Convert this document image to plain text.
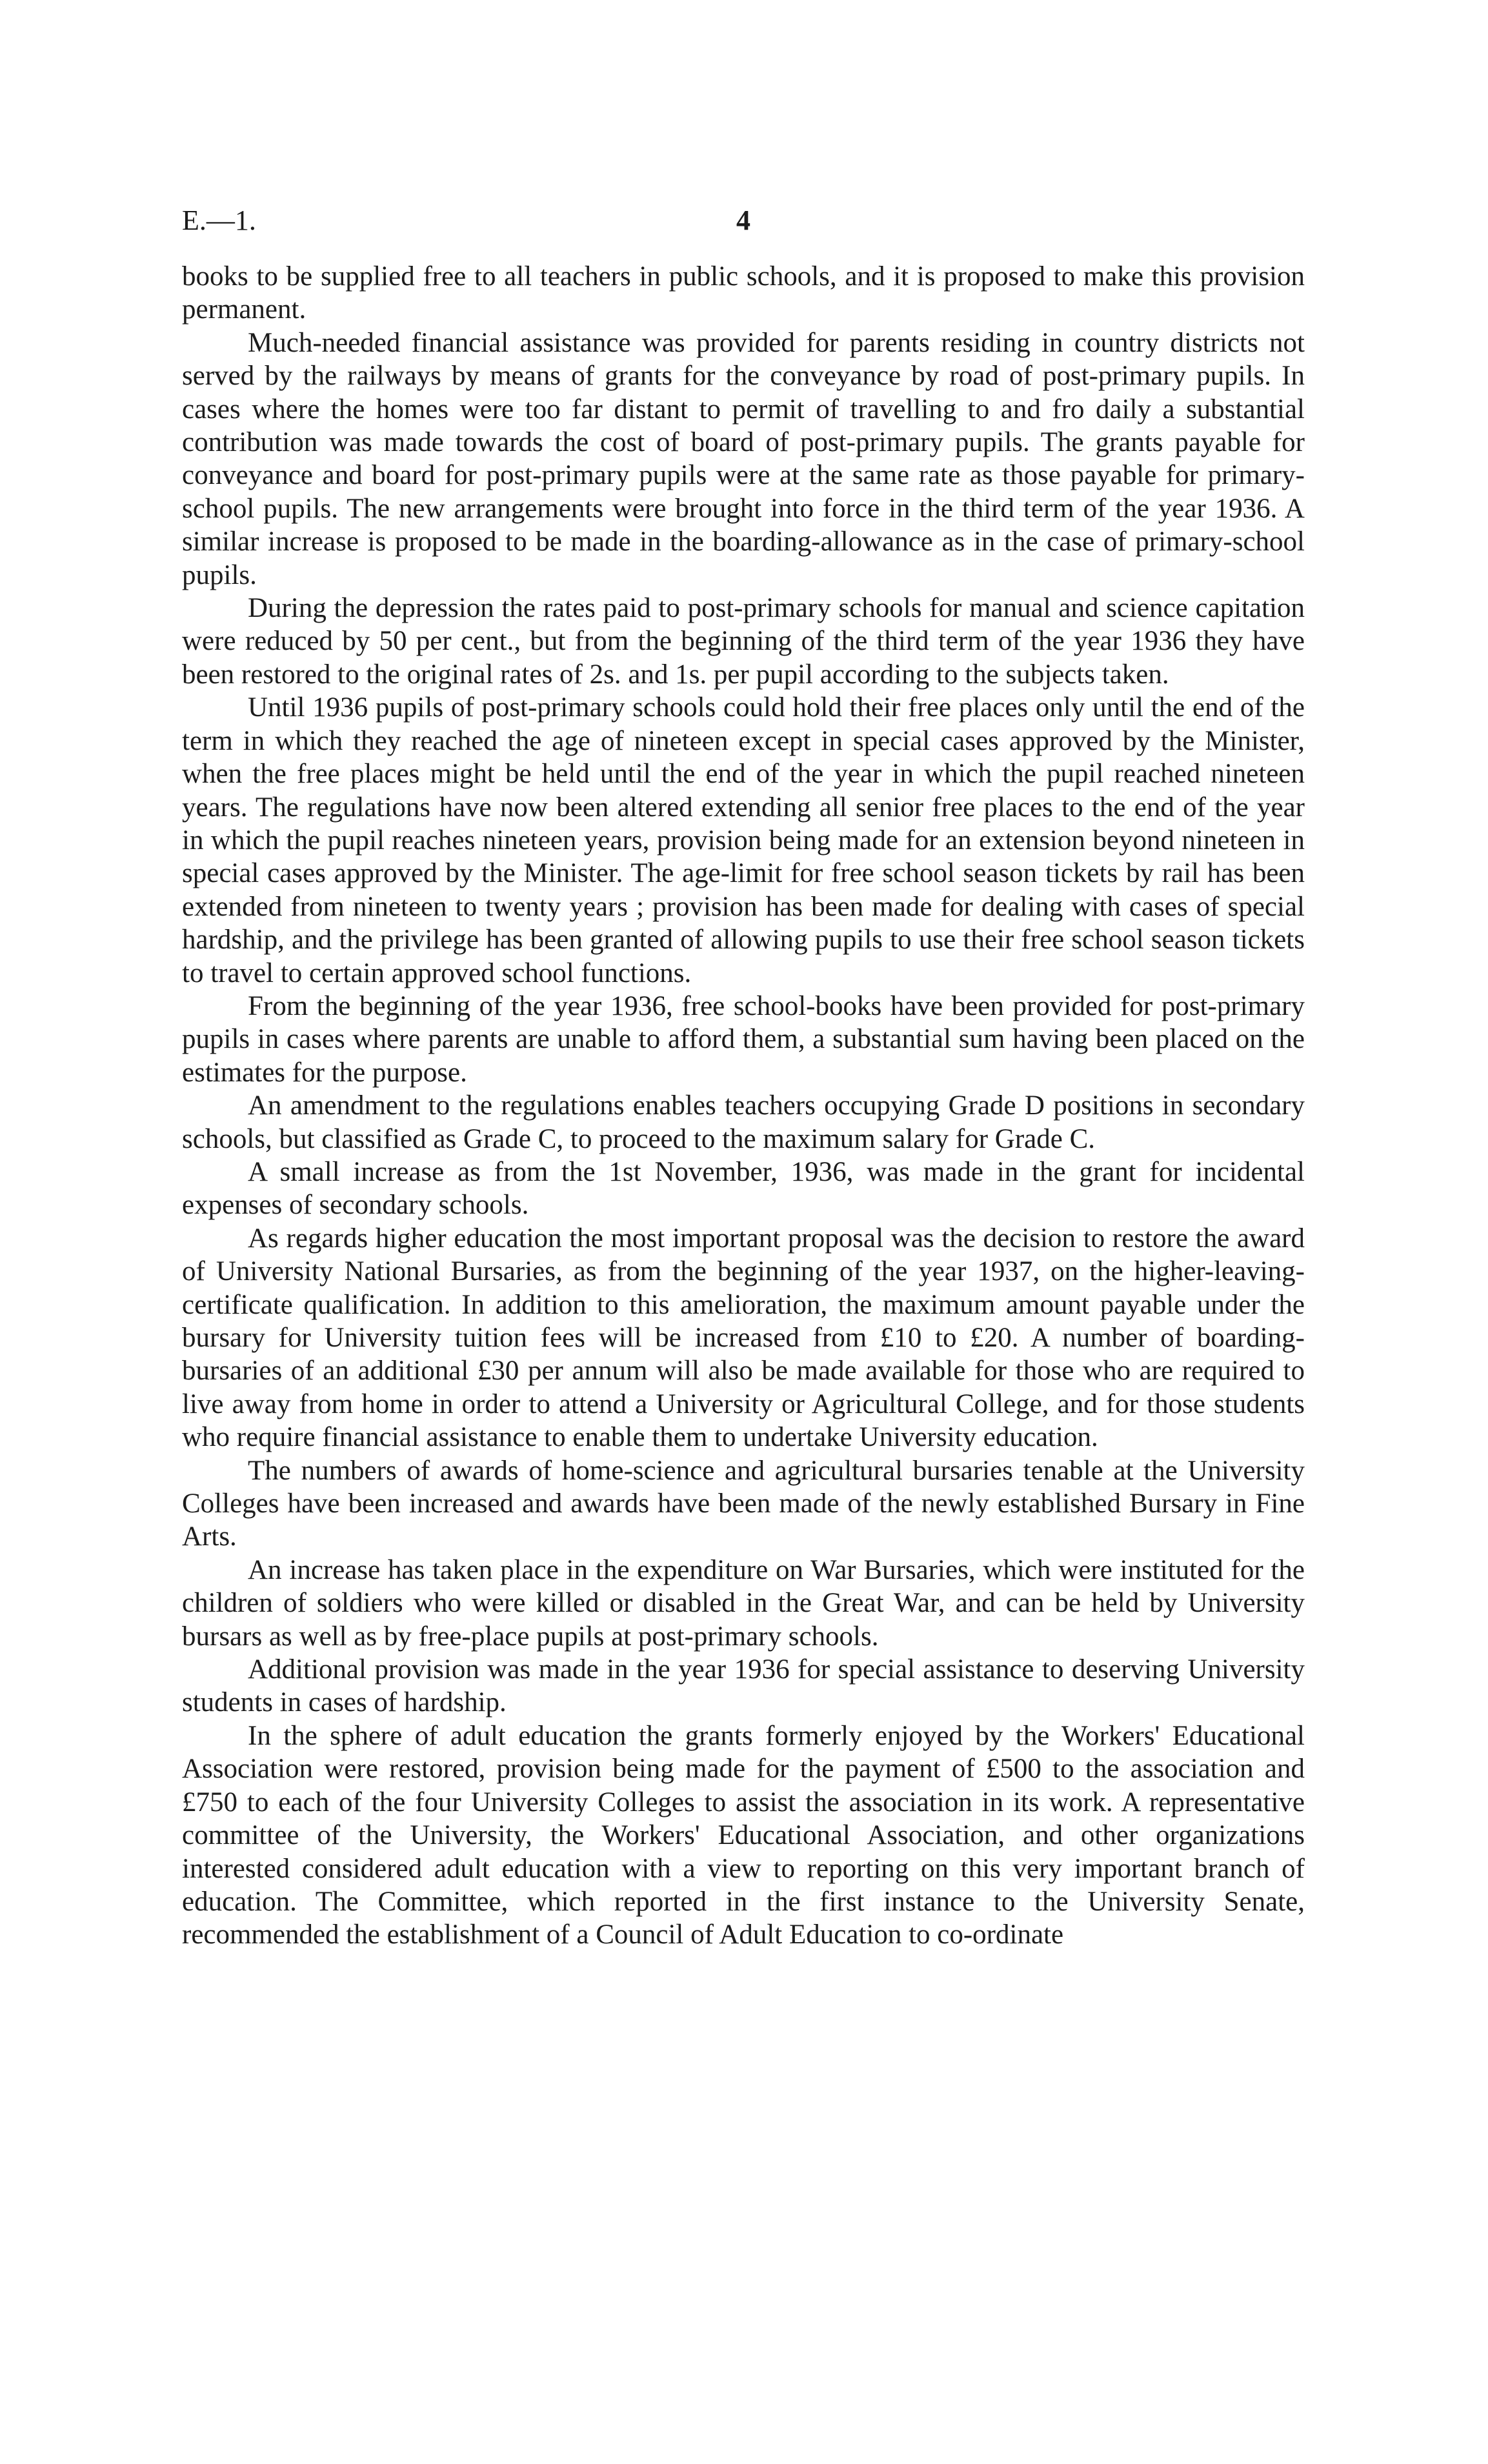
E.—1.	4

books to be supplied free to all teachers in public schools, and it is proposed to make this provision permanent.

Much-needed financial assistance was provided for parents residing in country districts not served by the railways by means of grants for the conveyance by road of post-primary pupils. In cases where the homes were too far distant to permit of travelling to and fro daily a substantial contribution was made towards the cost of board of post-primary pupils. The grants payable for conveyance and board for post-primary pupils were at the same rate as those payable for primary-school pupils. The new arrangements were brought into force in the third term of the year 1936. A similar increase is proposed to be made in the boarding-allowance as in the case of primary-school pupils.

During the depression the rates paid to post-primary schools for manual and science capitation were reduced by 50 per cent., but from the beginning of the third term of the year 1936 they have been restored to the original rates of 2s. and 1s. per pupil according to the subjects taken.

Until 1936 pupils of post-primary schools could hold their free places only until the end of the term in which they reached the age of nineteen except in special cases approved by the Minister, when the free places might be held until the end of the year in which the pupil reached nineteen years. The regulations have now been altered extending all senior free places to the end of the year in which the pupil reaches nineteen years, provision being made for an extension beyond nineteen in special cases approved by the Minister. The age-limit for free school season tickets by rail has been extended from nineteen to twenty years ; provision has been made for dealing with cases of special hardship, and the privilege has been granted of allowing pupils to use their free school season tickets to travel to certain approved school functions.

From the beginning of the year 1936, free school-books have been provided for post-primary pupils in cases where parents are unable to afford them, a substantial sum having been placed on the estimates for the purpose.

An amendment to the regulations enables teachers occupying Grade D positions in secondary schools, but classified as Grade C, to proceed to the maximum salary for Grade C.

A small increase as from the 1st November, 1936, was made in the grant for incidental expenses of secondary schools.

As regards higher education the most important proposal was the decision to restore the award of University National Bursaries, as from the beginning of the year 1937, on the higher-leaving-certificate qualification. In addition to this amelioration, the maximum amount payable under the bursary for University tuition fees will be increased from £10 to £20. A number of boarding-bursaries of an additional £30 per annum will also be made available for those who are required to live away from home in order to attend a University or Agricultural College, and for those students who require financial assistance to enable them to undertake University education.

The numbers of awards of home-science and agricultural bursaries tenable at the University Colleges have been increased and awards have been made of the newly established Bursary in Fine Arts.

An increase has taken place in the expenditure on War Bursaries, which were instituted for the children of soldiers who were killed or disabled in the Great War, and can be held by University bursars as well as by free-place pupils at post-primary schools.

Additional provision was made in the year 1936 for special assistance to deserving University students in cases of hardship.

In the sphere of adult education the grants formerly enjoyed by the Workers' Educational Association were restored, provision being made for the payment of £500 to the association and £750 to each of the four University Colleges to assist the association in its work. A representative committee of the University, the Workers' Educational Association, and other organizations interested considered adult education with a view to reporting on this very important branch of education. The Committee, which reported in the first instance to the University Senate, recommended the establishment of a Council of Adult Education to co-ordinate
